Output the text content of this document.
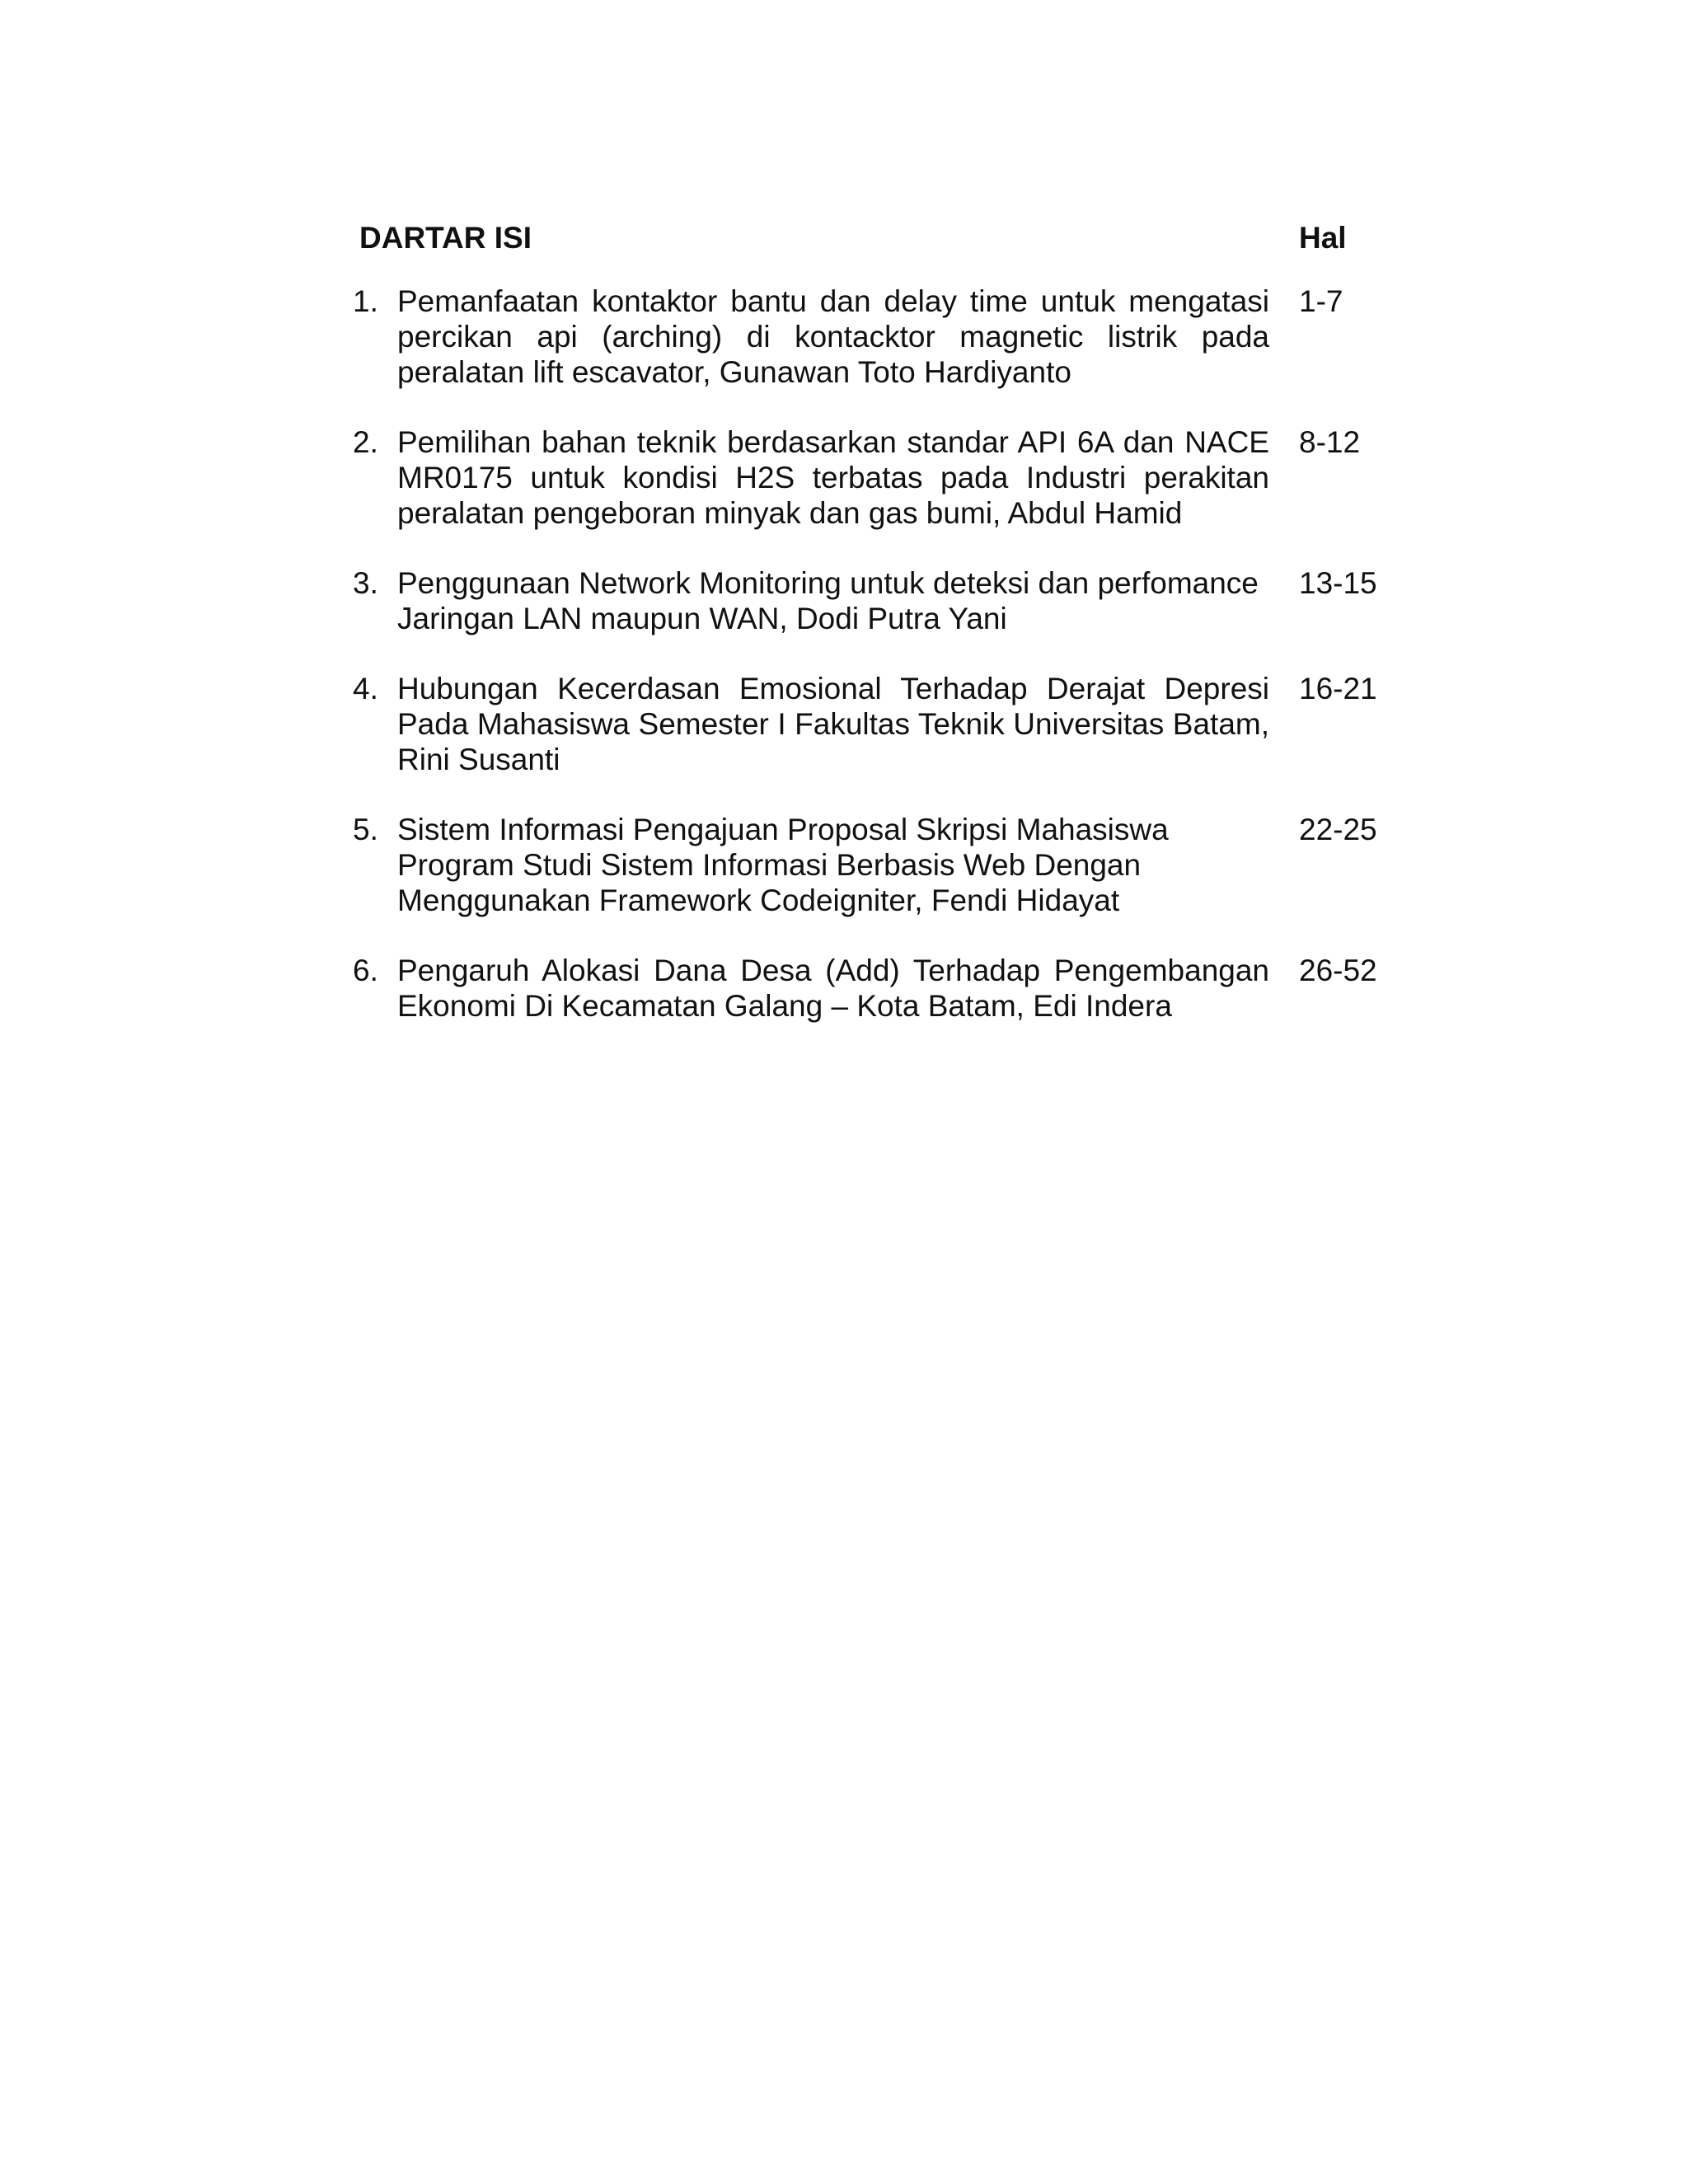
DARTAR ISI	Hal
1. Pemanfaatan kontaktor bantu dan delay time untuk mengatasi percikan api (arching) di kontacktor magnetic listrik pada peralatan lift escavator, Gunawan Toto Hardiyanto
1-7
2. Pemilihan bahan teknik berdasarkan standar API 6A dan NACE MR0175 untuk kondisi H2S terbatas pada Industri perakitan peralatan pengeboran minyak dan gas bumi, Abdul Hamid
8-12
3. Penggunaan Network Monitoring untuk deteksi dan perfomance Jaringan LAN maupun WAN, Dodi Putra Yani
13-15
4. Hubungan Kecerdasan Emosional Terhadap Derajat Depresi Pada Mahasiswa Semester I Fakultas Teknik Universitas Batam, Rini Susanti
16-21
5. Sistem Informasi Pengajuan Proposal Skripsi Mahasiswa Program Studi Sistem Informasi Berbasis Web Dengan Menggunakan Framework Codeigniter, Fendi Hidayat
22-25
6. Pengaruh Alokasi Dana Desa (Add) Terhadap Pengembangan Ekonomi Di Kecamatan Galang – Kota Batam, Edi Indera
26-52
